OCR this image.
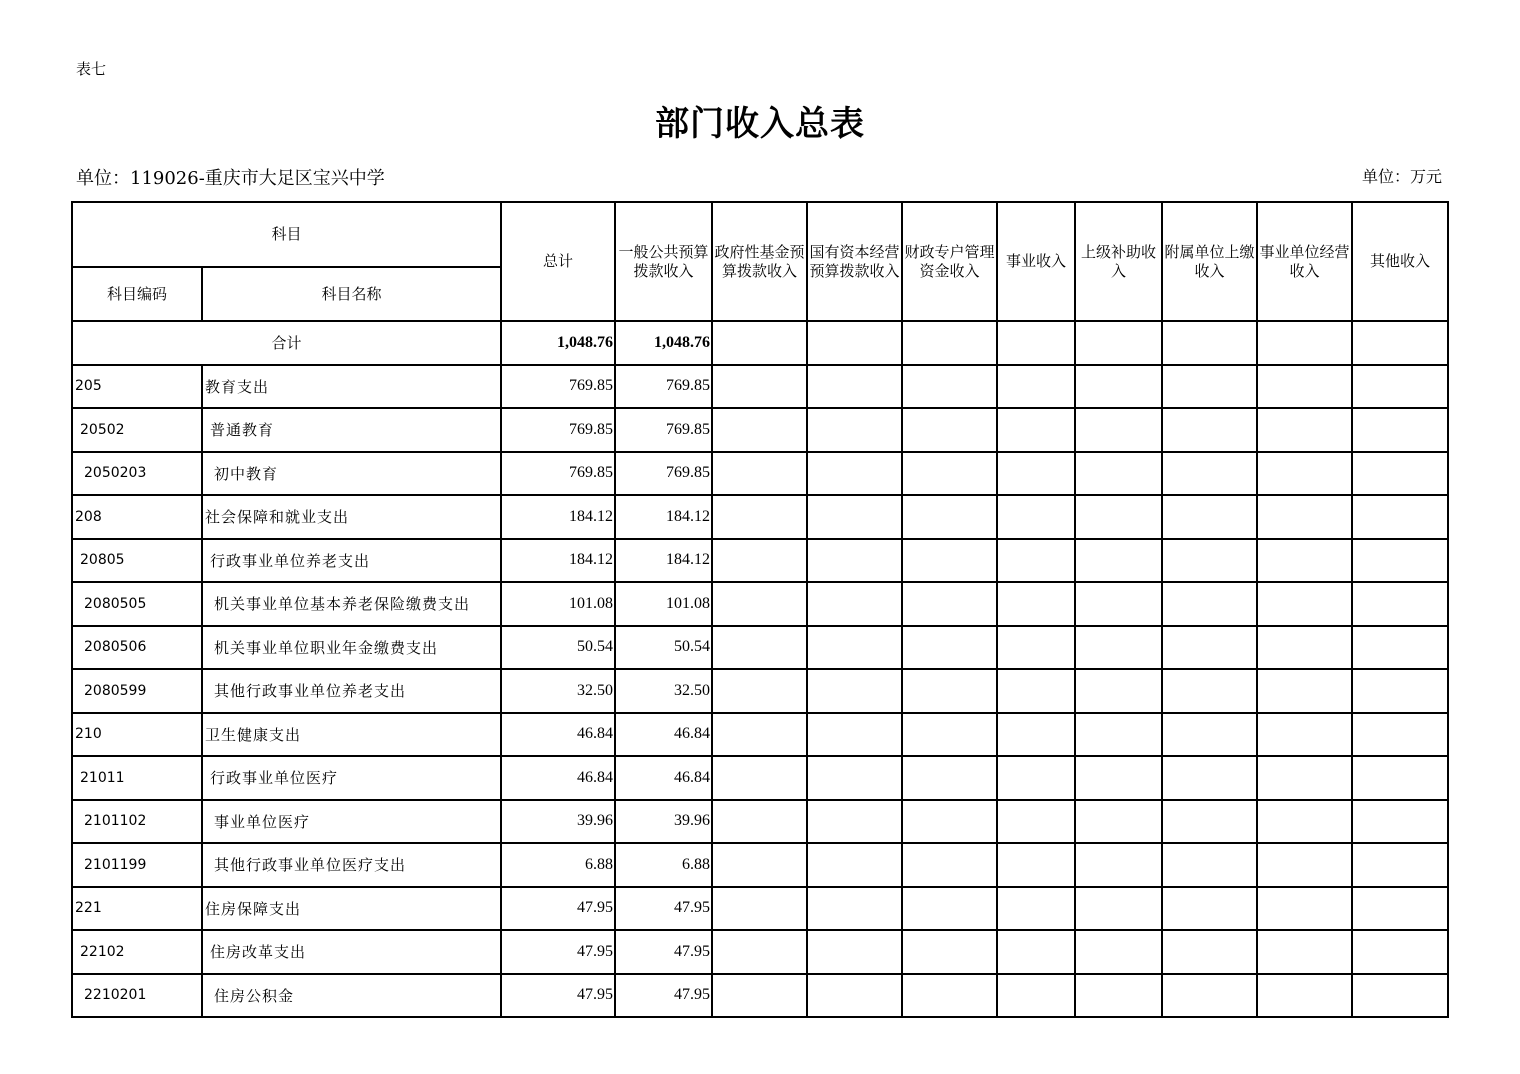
表七
部门收入总表
单位：119026-重庆市大足区宝兴中学	单位：万元
科目		总计	一般公共预算拨款收入	政府性基金预算拨款收入	国有资本经营预算拨款收入	财政专户管理资金收入	事业收入	上级补助收入	附属单位上缴收入	事业单位经营收入	其他收入
科目编码	科目名称										
合计		1,048.76	1,048.76								
205	教育支出	769.85	769.85								
20502	普通教育	769.85	769.85								
2050203	初中教育	769.85	769.85								
208	社会保障和就业支出	184.12	184.12								
20805	行政事业单位养老支出	184.12	184.12								
2080505	机关事业单位基本养老保险缴费支出	101.08	101.08								
2080506	机关事业单位职业年金缴费支出	50.54	50.54								
2080599	其他行政事业单位养老支出	32.50	32.50								
210	卫生健康支出	46.84	46.84								
21011	行政事业单位医疗	46.84	46.84								
2101102	事业单位医疗	39.96	39.96								
2101199	其他行政事业单位医疗支出	6.88	6.88								
221	住房保障支出	47.95	47.95								
22102	住房改革支出	47.95	47.95								
2210201	住房公积金	47.95	47.95								
